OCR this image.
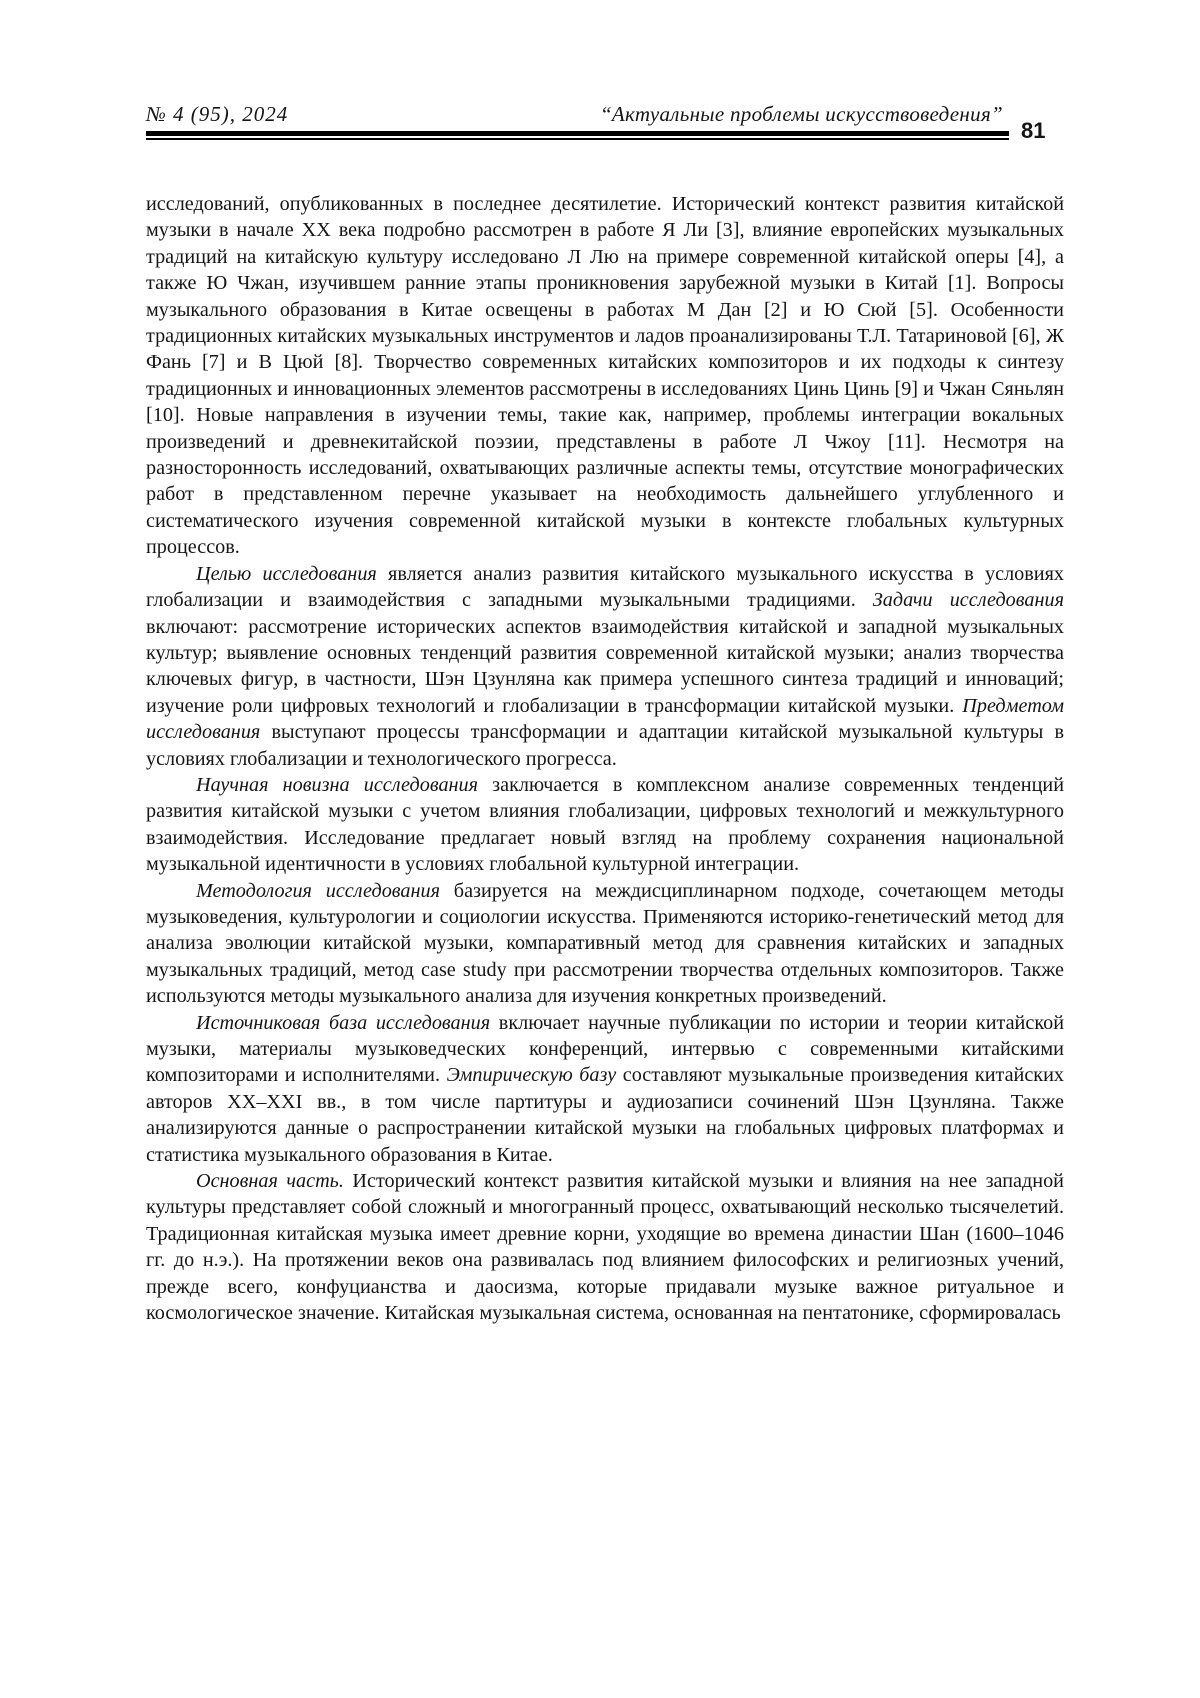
№ 4 (95), 2024	“Актуальные проблемы искусствоведения”
81

исследований, опубликованных в последнее десятилетие. Исторический контекст развития китайской музыки в начале XX века подробно рассмотрен в работе Я Ли [3], влияние европейских музыкальных традиций на китайскую культуру исследовано Л Лю на примере современной китайской оперы [4], а также Ю Чжан, изучившем ранние этапы проникновения зарубежной музыки в Китай [1]. Вопросы музыкального образования в Китае освещены в работах М Дан [2] и Ю Сюй [5]. Особенности традиционных китайских музыкальных инструментов и ладов проанализированы Т.Л. Татариновой [6], Ж Фань [7] и В Цюй [8]. Творчество современных китайских композиторов и их подходы к синтезу традиционных и инновационных элементов рассмотрены в исследованиях Цинь Цинь [9] и Чжан Сяньлян [10]. Новые направления в изучении темы, такие как, например, проблемы интеграции вокальных произведений и древнекитайской поэзии, представлены в работе Л Чжоу [11]. Несмотря на разносторонность исследований, охватывающих различные аспекты темы, отсутствие монографических работ в представленном перечне указывает на необходимость дальнейшего углубленного и систематического изучения современной китайской музыки в контексте глобальных культурных процессов.

Целью исследования является анализ развития китайского музыкального искусства в условиях глобализации и взаимодействия с западными музыкальными традициями. Задачи исследования включают: рассмотрение исторических аспектов взаимодействия китайской и западной музыкальных культур; выявление основных тенденций развития современной китайской музыки; анализ творчества ключевых фигур, в частности, Шэн Цзунляна как примера успешного синтеза традиций и инноваций; изучение роли цифровых технологий и глобализации в трансформации китайской музыки. Предметом исследования выступают процессы трансформации и адаптации китайской музыкальной культуры в условиях глобализации и технологического прогресса.

Научная новизна исследования заключается в комплексном анализе современных тенденций развития китайской музыки с учетом влияния глобализации, цифровых технологий и межкультурного взаимодействия. Исследование предлагает новый взгляд на проблему сохранения национальной музыкальной идентичности в условиях глобальной культурной интеграции.

Методология исследования базируется на междисциплинарном подходе, сочетающем методы музыковедения, культурологии и социологии искусства. Применяются историко-генетический метод для анализа эволюции китайской музыки, компаративный метод для сравнения китайских и западных музыкальных традиций, метод case study при рассмотрении творчества отдельных композиторов. Также используются методы музыкального анализа для изучения конкретных произведений.

Источниковая база исследования включает научные публикации по истории и теории китайской музыки, материалы музыковедческих конференций, интервью с современными китайскими композиторами и исполнителями. Эмпирическую базу составляют музыкальные произведения китайских авторов XX–XXI вв., в том числе партитуры и аудиозаписи сочинений Шэн Цзунляна. Также анализируются данные о распространении китайской музыки на глобальных цифровых платформах и статистика музыкального образования в Китае.

Основная часть. Исторический контекст развития китайской музыки и влияния на нее западной культуры представляет собой сложный и многогранный процесс, охватывающий несколько тысячелетий. Традиционная китайская музыка имеет древние корни, уходящие во времена династии Шан (1600–1046 гг. до н.э.). На протяжении веков она развивалась под влиянием философских и религиозных учений, прежде всего, конфуцианства и даосизма, которые придавали музыке важное ритуальное и космологическое значение. Китайская музыкальная система, основанная на пентатонике, сформировалась
